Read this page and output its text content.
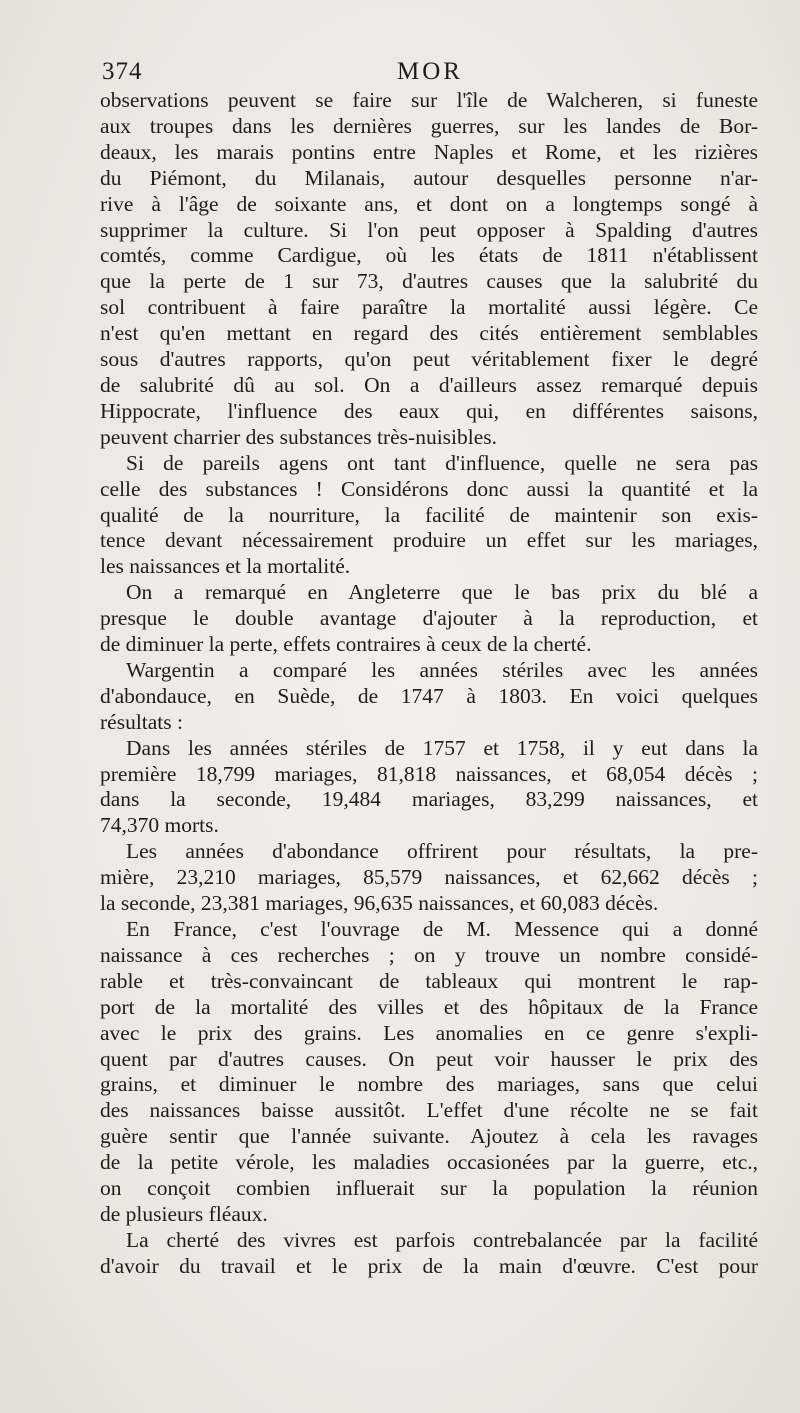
374	MOR

observations peuvent se faire sur l'île de Walcheren, si funeste
aux troupes dans les dernières guerres, sur les landes de Bor-
deaux, les marais pontins entre Naples et Rome, et les rizières
du Piémont, du Milanais, autour desquelles personne n'ar-
rive à l'âge de soixante ans, et dont on a longtemps songé à
supprimer la culture. Si l'on peut opposer à Spalding d'autres
comtés, comme Cardigue, où les états de 1811 n'établissent
que la perte de 1 sur 73, d'autres causes que la salubrité du
sol contribuent à faire paraître la mortalité aussi légère. Ce
n'est qu'en mettant en regard des cités entièrement semblables
sous d'autres rapports, qu'on peut véritablement fixer le degré
de salubrité dû au sol. On a d'ailleurs assez remarqué depuis
Hippocrate, l'influence des eaux qui, en différentes saisons,
peuvent charrier des substances très-nuisibles.

Si de pareils agens ont tant d'influence, quelle ne sera pas
celle des substances ! Considérons donc aussi la quantité et la
qualité de la nourriture, la facilité de maintenir son exis-
tence devant nécessairement produire un effet sur les mariages,
les naissances et la mortalité.

On a remarqué en Angleterre que le bas prix du blé a
presque le double avantage d'ajouter à la reproduction, et
de diminuer la perte, effets contraires à ceux de la cherté.

Wargentin a comparé les années stériles avec les années
d'abondauce, en Suède, de 1747 à 1803. En voici quelques
résultats :

Dans les années stériles de 1757 et 1758, il y eut dans la
première 18,799 mariages, 81,818 naissances, et 68,054 décès ;
dans la seconde, 19,484 mariages, 83,299 naissances, et
74,370 morts.

Les années d'abondance offrirent pour résultats, la pre-
mière, 23,210 mariages, 85,579 naissances, et 62,662 décès ;
la seconde, 23,381 mariages, 96,635 naissances, et 60,083 décès.

En France, c'est l'ouvrage de M. Messence qui a donné
naissance à ces recherches ; on y trouve un nombre considé-
rable et très-convaincant de tableaux qui montrent le rap-
port de la mortalité des villes et des hôpitaux de la France
avec le prix des grains. Les anomalies en ce genre s'expli-
quent par d'autres causes. On peut voir hausser le prix des
grains, et diminuer le nombre des mariages, sans que celui
des naissances baisse aussitôt. L'effet d'une récolte ne se fait
guère sentir que l'année suivante. Ajoutez à cela les ravages
de la petite vérole, les maladies occasionées par la guerre, etc.,
on conçoit combien influerait sur la population la réunion
de plusieurs fléaux.

La cherté des vivres est parfois contrebalancée par la facilité
d'avoir du travail et le prix de la main d'œuvre. C'est pour
